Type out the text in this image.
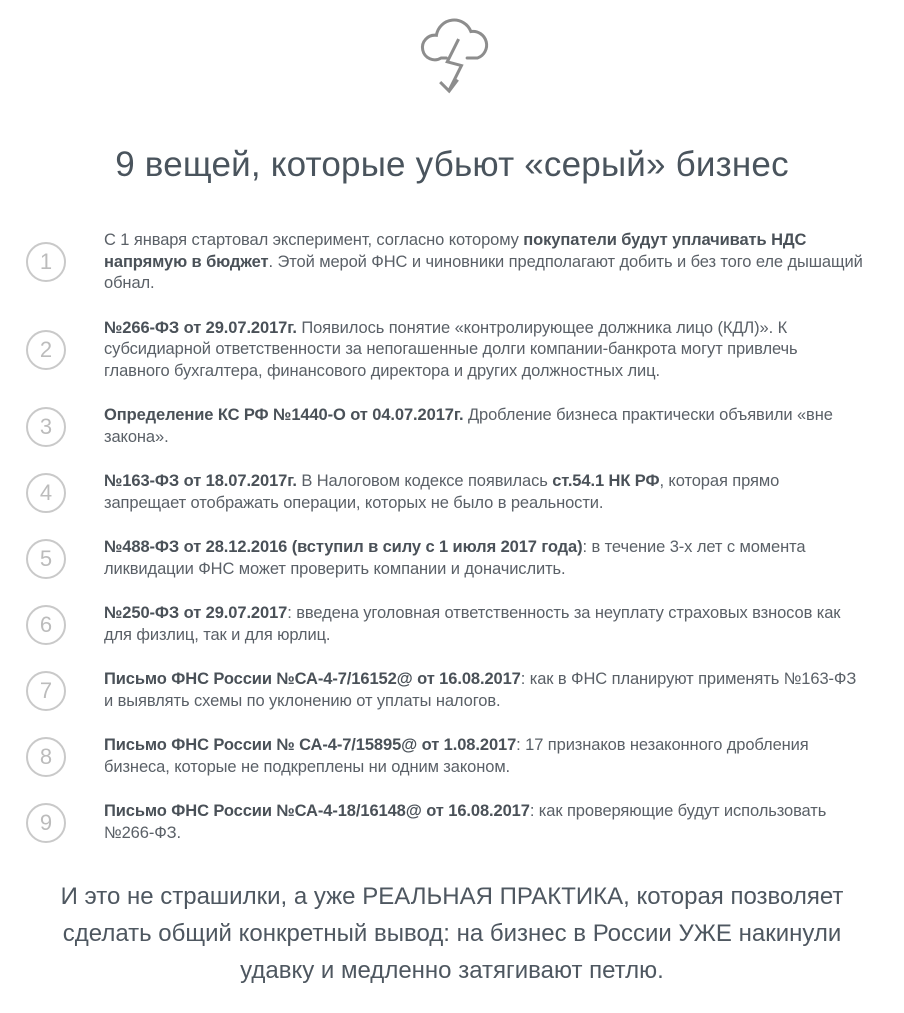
9 вещей, которые убьют «серый» бизнес
1

С 1 января стартовал эксперимент, согласно которому покупатели будут уплачивать НДС напрямую в бюджет. Этой мерой ФНС и чиновники предполагают добить и без того еле дышащий обнал.

2

№266-ФЗ от 29.07.2017г. Появилось понятие «контролирующее должника лицо (КДЛ)». К субсидиарной ответственности за непогашенные долги компании-банкрота могут привлечь главного бухгалтера, финансового директора и других должностных лиц.

3	Определение КС РФ №1440-О от 04.07.2017г. Дробление бизнеса практически объявили «вне закона».

4	№163-ФЗ от 18.07.2017г. В Налоговом кодексе появилась ст.54.1 НК РФ, которая прямо запрещает отображать операции, которых не было в реальности.

5	№488-ФЗ от 28.12.2016 (вступил в силу с 1 июля 2017 года): в течение 3-х лет с момента ликвидации ФНС может проверить компании и доначислить.

6	№250-ФЗ от 29.07.2017: введена уголовная ответственность за неуплату страховых взносов как для физлиц, так и для юрлиц.

7	Письмо ФНС России №СА-4-7/16152@ от 16.08.2017: как в ФНС планируют применять №163-ФЗ и выявлять схемы по уклонению от уплаты налогов.

8	Письмо ФНС России № СА-4-7/15895@ от 1.08.2017: 17 признаков незаконного дробления бизнеса, которые не подкреплены ни одним законом.

9	Письмо ФНС России №СА-4-18/16148@ от 16.08.2017: как проверяющие будут использовать №266-ФЗ.

И это не страшилки, а уже РЕАЛЬНАЯ ПРАКТИКА, которая позволяет сделать общий конкретный вывод: на бизнес в России УЖЕ накинули удавку и медленно затягивают петлю.
